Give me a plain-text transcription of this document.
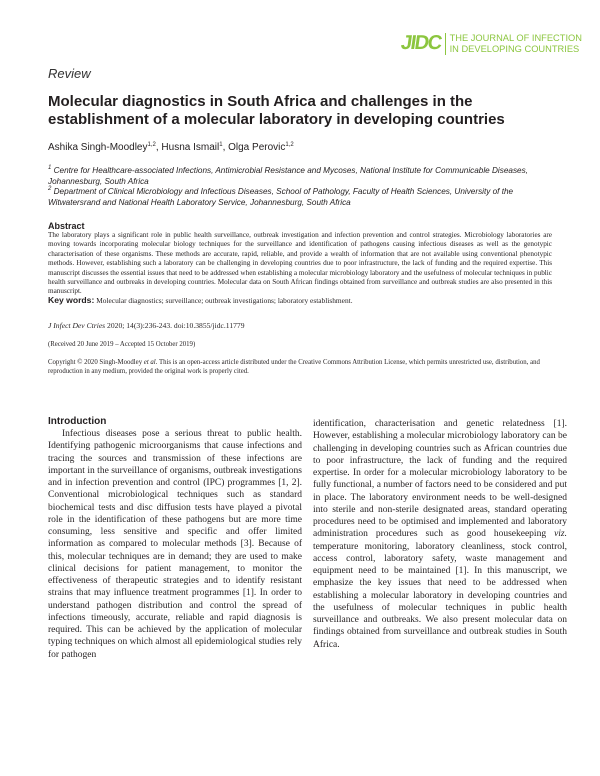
JIDC THE JOURNAL OF INFECTION
IN DEVELOPING COUNTRIES
Review
Molecular diagnostics in South Africa and challenges in the establishment of a molecular laboratory in developing countries
Ashika Singh-Moodley$^{1,2}$, Husna Ismail$^1$, Olga Perovic$^{1,2}$
$^1$ Centre for Healthcare-associated Infections, Antimicrobial Resistance and Mycoses, National Institute for Communicable Diseases, Johannesburg, South Africa
$^2$ Department of Clinical Microbiology and Infectious Diseases, School of Pathology, Faculty of Health Sciences, University of the Witwatersrand and National Health Laboratory Service, Johannesburg, South Africa
Abstract

The laboratory plays a significant role in public health surveillance, outbreak investigation and infection prevention and control strategies. Microbiology laboratories are moving towards incorporating molecular biology techniques for the surveillance and identification of pathogens causing infectious diseases as well as the genotypic characterisation of these organisms. These methods are accurate, rapid, reliable, and provide a wealth of information that are not available using conventional phenotypic methods. However, establishing such a laboratory can be challenging in developing countries due to poor infrastructure, the lack of funding and the required expertise. This manuscript discusses the essential issues that need to be addressed when establishing a molecular microbiology laboratory and the usefulness of molecular techniques in public health surveillance and outbreaks in developing countries. Molecular data on South African findings obtained from surveillance and outbreak studies are also presented in this manuscript.

Key words: Molecular diagnostics; surveillance; outbreak investigations; laboratory establishment.
J Infect Dev Ctries 2020; 14(3):236-243. doi:10.3855/jidc.11779
(Received 20 June 2019 – Accepted 15 October 2019)
Copyright © 2020 Singh-Moodley et al. This is an open-access article distributed under the Creative Commons Attribution License, which permits unrestricted use, distribution, and reproduction in any medium, provided the original work is properly cited.
Introduction

Infectious diseases pose a serious threat to public health. Identifying pathogenic microorganisms that cause infections and tracing the sources and transmission of these infections are important in the surveillance of organisms, outbreak investigations and in infection prevention and control (IPC) programmes [1, 2]. Conventional microbiological techniques such as standard biochemical tests and disc diffusion tests have played a pivotal role in the identification of these pathogens but are more time consuming, less sensitive and specific and offer limited information as compared to molecular methods [3]. Because of this, molecular techniques are in demand; they are used to make clinical decisions for patient management, to monitor the effectiveness of therapeutic strategies and to identify resistant strains that may influence treatment programmes [1]. In order to understand pathogen distribution and control the spread of infections timeously, accurate, reliable and rapid diagnosis is required. This can be achieved by the application of molecular typing techniques on which almost all epidemiological studies rely for pathogen

identification, characterisation and genetic relatedness [1]. However, establishing a molecular microbiology laboratory can be challenging in developing countries such as African countries due to poor infrastructure, the lack of funding and the required expertise. In order for a molecular microbiology laboratory to be fully functional, a number of factors need to be considered and put in place. The laboratory environment needs to be well-designed into sterile and non-sterile designated areas, standard operating procedures need to be optimised and implemented and laboratory administration procedures such as good housekeeping viz. temperature monitoring, laboratory cleanliness, stock control, access control, laboratory safety, waste management and equipment need to be maintained [1]. In this manuscript, we emphasize the key issues that need to be addressed when establishing a molecular laboratory in developing countries and the usefulness of molecular techniques in public health surveillance and outbreaks. We also present molecular data on findings obtained from surveillance and outbreak studies in South Africa.
